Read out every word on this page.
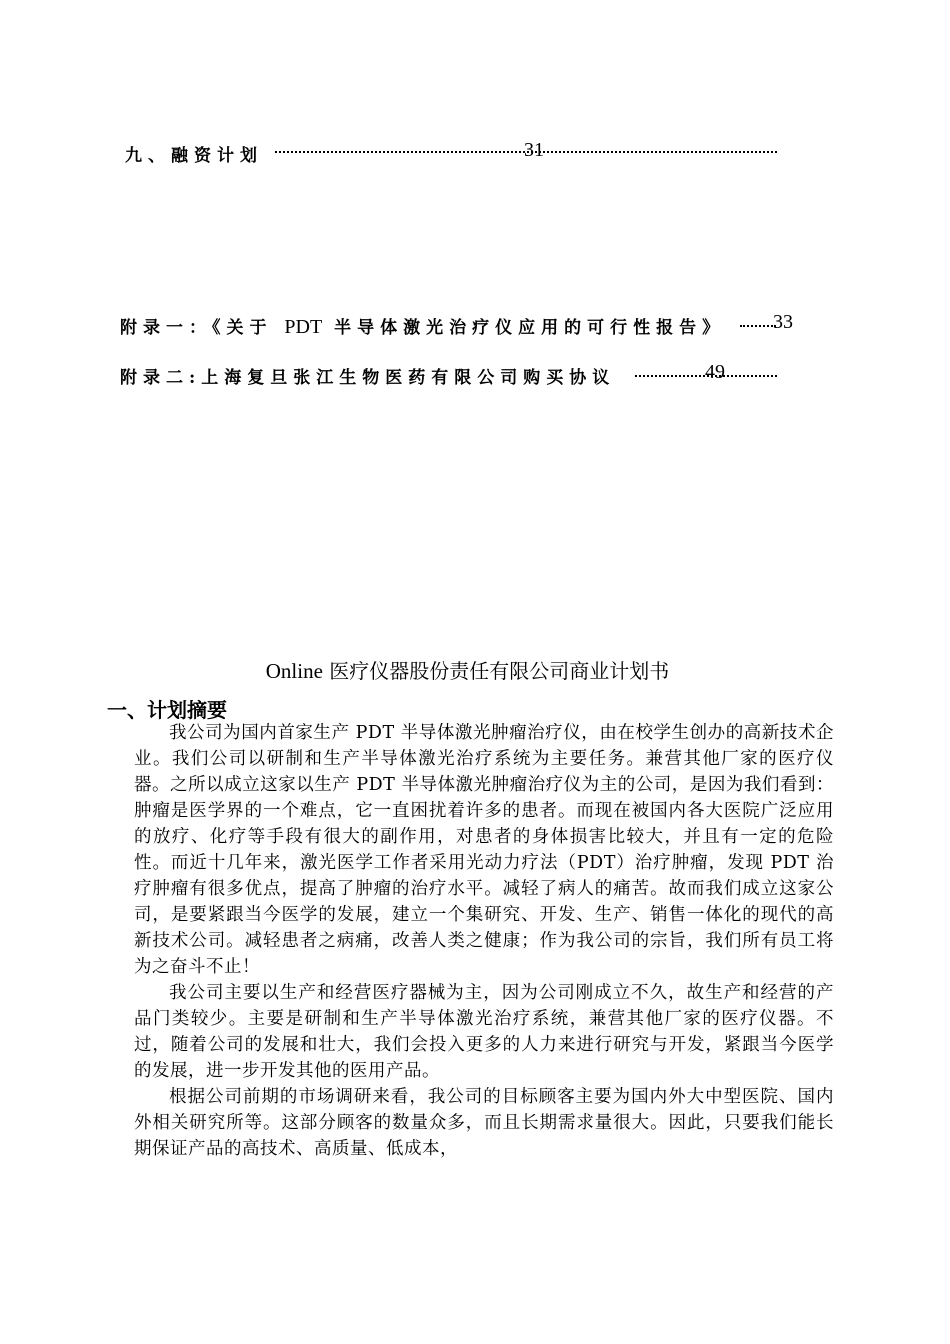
九、融资计划	31
附录一：《关于 PDT 半导体激光治疗仪应用的可行性报告》 33
附录二:上海复旦张江生物医药有限公司购买协议	49
Online 医疗仪器股份责任有限公司商业计划书
一、计划摘要

我公司为国内首家生产 PDT 半导体激光肿瘤治疗仪，由在校学生创办的高新技术企业。我们公司以研制和生产半导体激光治疗系统为主要任务。兼营其他厂家的医疗仪器。之所以成立这家以生产 PDT 半导体激光肿瘤治疗仪为主的公司，是因为我们看到：肿瘤是医学界的一个难点，它一直困扰着许多的患者。而现在被国内各大医院广泛应用的放疗、化疗等手段有很大的副作用，对患者的身体损害比较大，并且有一定的危险性。而近十几年来，激光医学工作者采用光动力疗法（PDT）治疗肿瘤，发现 PDT 治疗肿瘤有很多优点，提高了肿瘤的治疗水平。减轻了病人的痛苦。故而我们成立这家公司，是要紧跟当今医学的发展，建立一个集研究、开发、生产、销售一体化的现代的高新技术公司。减轻患者之病痛，改善人类之健康；作为我公司的宗旨，我们所有员工将为之奋斗不止！

我公司主要以生产和经营医疗器械为主，因为公司刚成立不久，故生产和经营的产品门类较少。主要是研制和生产半导体激光治疗系统，兼营其他厂家的医疗仪器。不过，随着公司的发展和壮大，我们会投入更多的人力来进行研究与开发，紧跟当今医学的发展，进一步开发其他的医用产品。

根据公司前期的市场调研来看，我公司的目标顾客主要为国内外大中型医院、国内外相关研究所等。这部分顾客的数量众多，而且长期需求量很大。因此，只要我们能长期保证产品的高技术、高质量、低成本，
